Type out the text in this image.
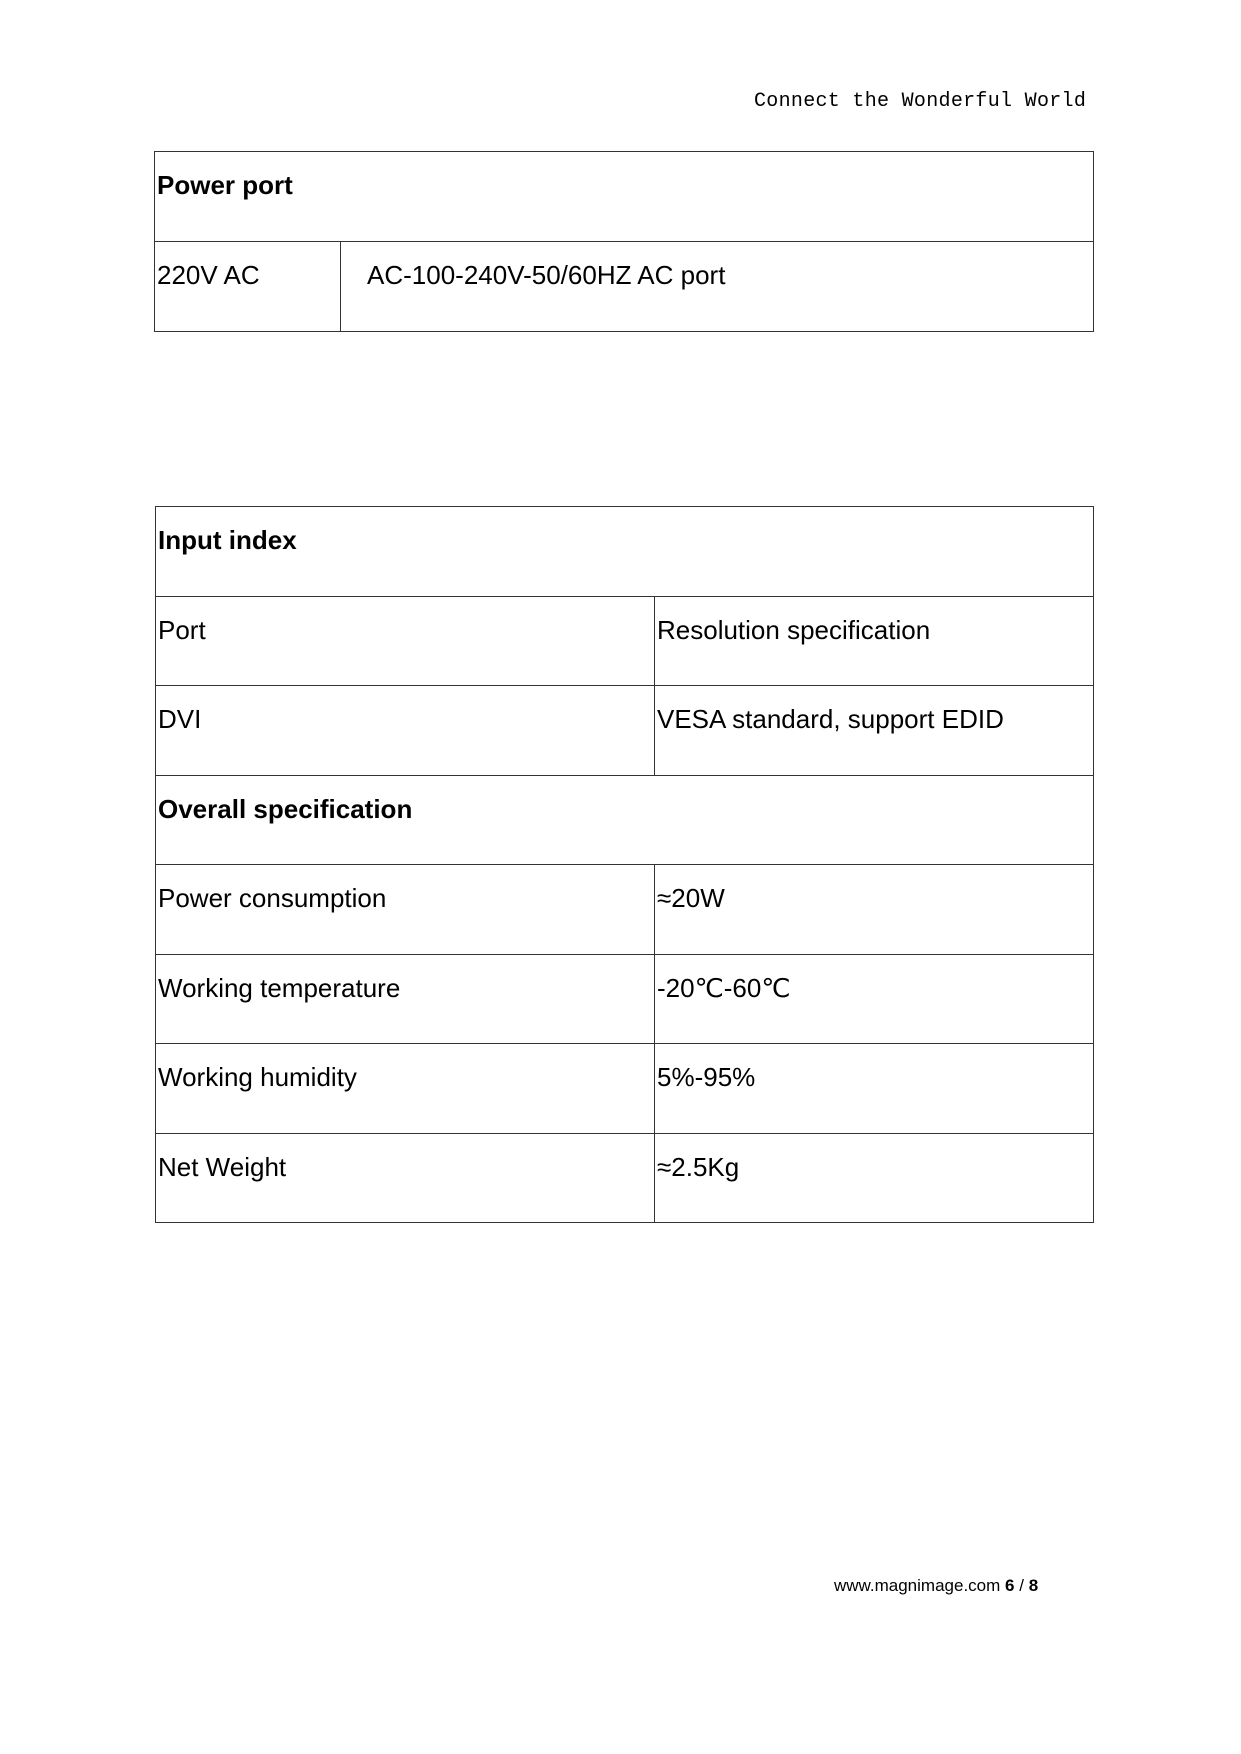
Connect the Wonderful World
Power port
220V AC	AC-100-240V-50/60HZ AC port
Input index	
Port	Resolution specification
DVI	VESA standard, support EDID
Overall specification	
Power consumption	≈20W
Working temperature	-20℃-60℃
Working humidity	5%-95%
Net Weight	≈2.5Kg
www.magnimage.com 6 / 8
